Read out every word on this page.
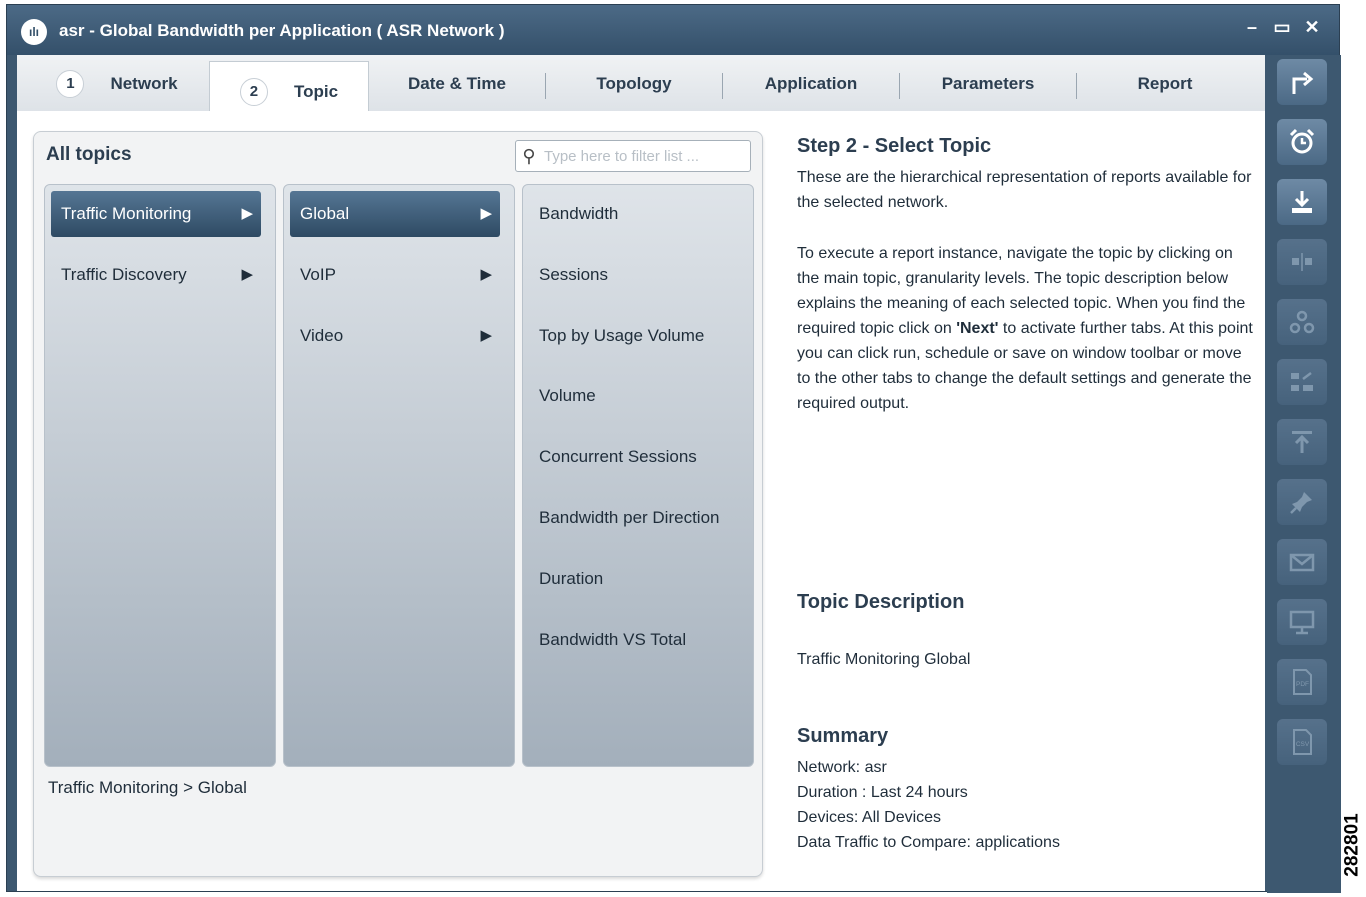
ılı	asr - Global Bandwidth per Application ( ASR Network )	– ▭ ✕
1	Network	2	Topic	Date & Time	Topology	Application	Parameters	Report
All topics	⚲
Type here to filter list ...
Traffic Monitoring	▶
Traffic Discovery	▶
Global	▶
VoIP	▶
Video	▶
Bandwidth
Sessions
Top by Usage Volume
Volume
Concurrent Sessions
Bandwidth per Direction
Duration
Bandwidth VS Total
Traffic Monitoring > Global
Step 2 - Select Topic
These are the hierarchical representation of reports available for the selected network.
To execute a report instance, navigate the topic by clicking on the main topic, granularity levels. The topic description below explains the meaning of each selected topic. When you find the required topic click on 'Next' to activate further tabs. At this point you can click run, schedule or save on window toolbar or move to the other tabs to change the default settings and generate the required output.
Topic Description
Traffic Monitoring Global
Summary
Network: asr
Duration : Last 24 hours
Devices: All Devices
Data Traffic to Compare: applications
PDF
CSV
282801
